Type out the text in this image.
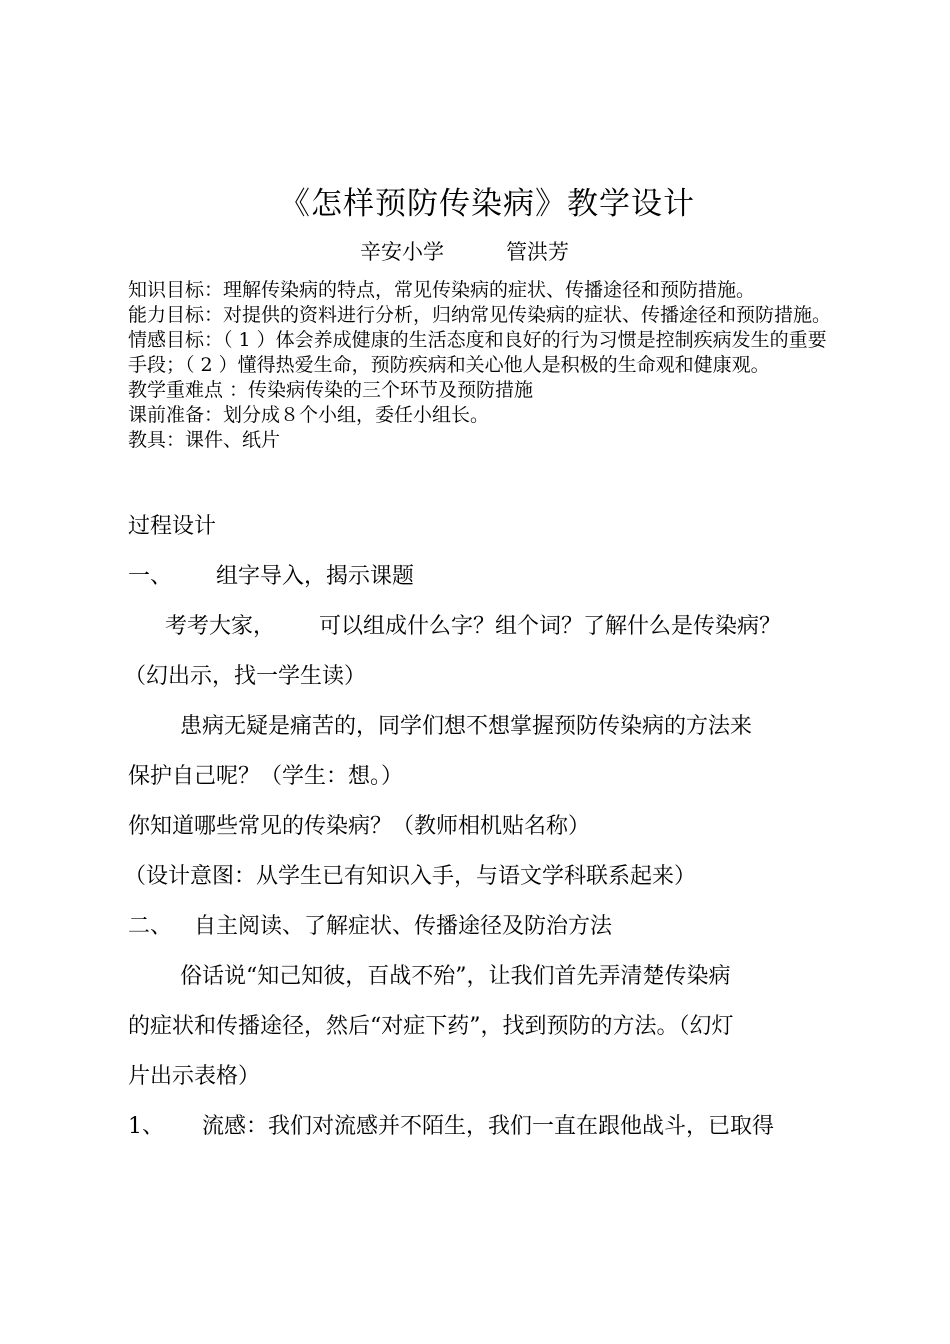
《怎样预防传染病》教学设计
辛安小学	管洪芳

知识目标：理解传染病的特点，常见传染病的症状、传播途径和预防措施。

能力目标：对提供的资料进行分析，归纳常见传染病的症状、传播途径和预防措施。

情感目标：（ 1 ）体会养成健康的生活态度和良好的行为习惯是控制疾病发生的重要手段；（ 2 ）懂得热爱生命，预防疾病和关心他人是积极的生命观和健康观。

教学重难点 ：传染病传染的三个环节及预防措施

课前准备：划分成８个小组，委任小组长。

教具：课件、纸片

过程设计
一、 组字导入，揭示课题
考考大家， 可以组成什么字？组个词？了解什么是传染病？
（幻出示，找一学生读）
患病无疑是痛苦的，同学们想不想掌握预防传染病的方法来
保护自己呢？（学生：想。）
你知道哪些常见的传染病？（教师相机贴名称）
（设计意图：从学生已有知识入手，与语文学科联系起来）
二、 自主阅读、了解症状、传播途径及防治方法
俗话说“知己知彼，百战不殆”，让我们首先弄清楚传染病
的症状和传播途径，然后“对症下药”，找到预防的方法。（幻灯
片出示表格）
1、 流感：我们对流感并不陌生，我们一直在跟他战斗，已取得
